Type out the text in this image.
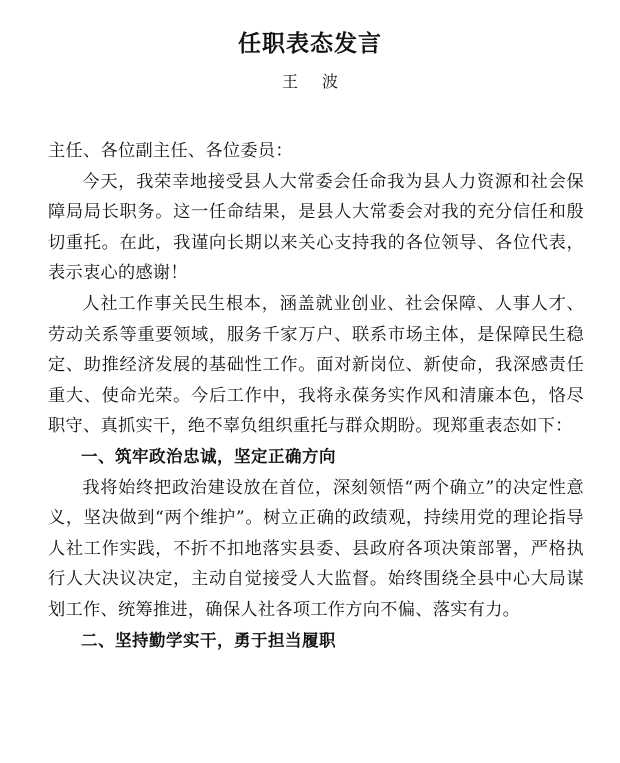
任职表态发言
王波

主任、各位副主任、各位委员：

今天，我荣幸地接受县人大常委会任命我为县人力资源和社会保障局局长职务。这一任命结果，是县人大常委会对我的充分信任和殷切重托。在此，我谨向长期以来关心支持我的各位领导、各位代表，表示衷心的感谢！

人社工作事关民生根本，涵盖就业创业、社会保障、人事人才、劳动关系等重要领域，服务千家万户、联系市场主体，是保障民生稳定、助推经济发展的基础性工作。面对新岗位、新使命，我深感责任重大、使命光荣。今后工作中，我将永葆务实作风和清廉本色，恪尽职守、真抓实干，绝不辜负组织重托与群众期盼。现郑重表态如下：

一、筑牢政治忠诚，坚定正确方向

我将始终把政治建设放在首位，深刻领悟“两个确立”的决定性意义，坚决做到“两个维护”。树立正确的政绩观，持续用党的理论指导人社工作实践，不折不扣地落实县委、县政府各项决策部署，严格执行人大决议决定，主动自觉接受人大监督。始终围绕全县中心大局谋划工作、统筹推进，确保人社各项工作方向不偏、落实有力。

二、坚持勤学实干，勇于担当履职
